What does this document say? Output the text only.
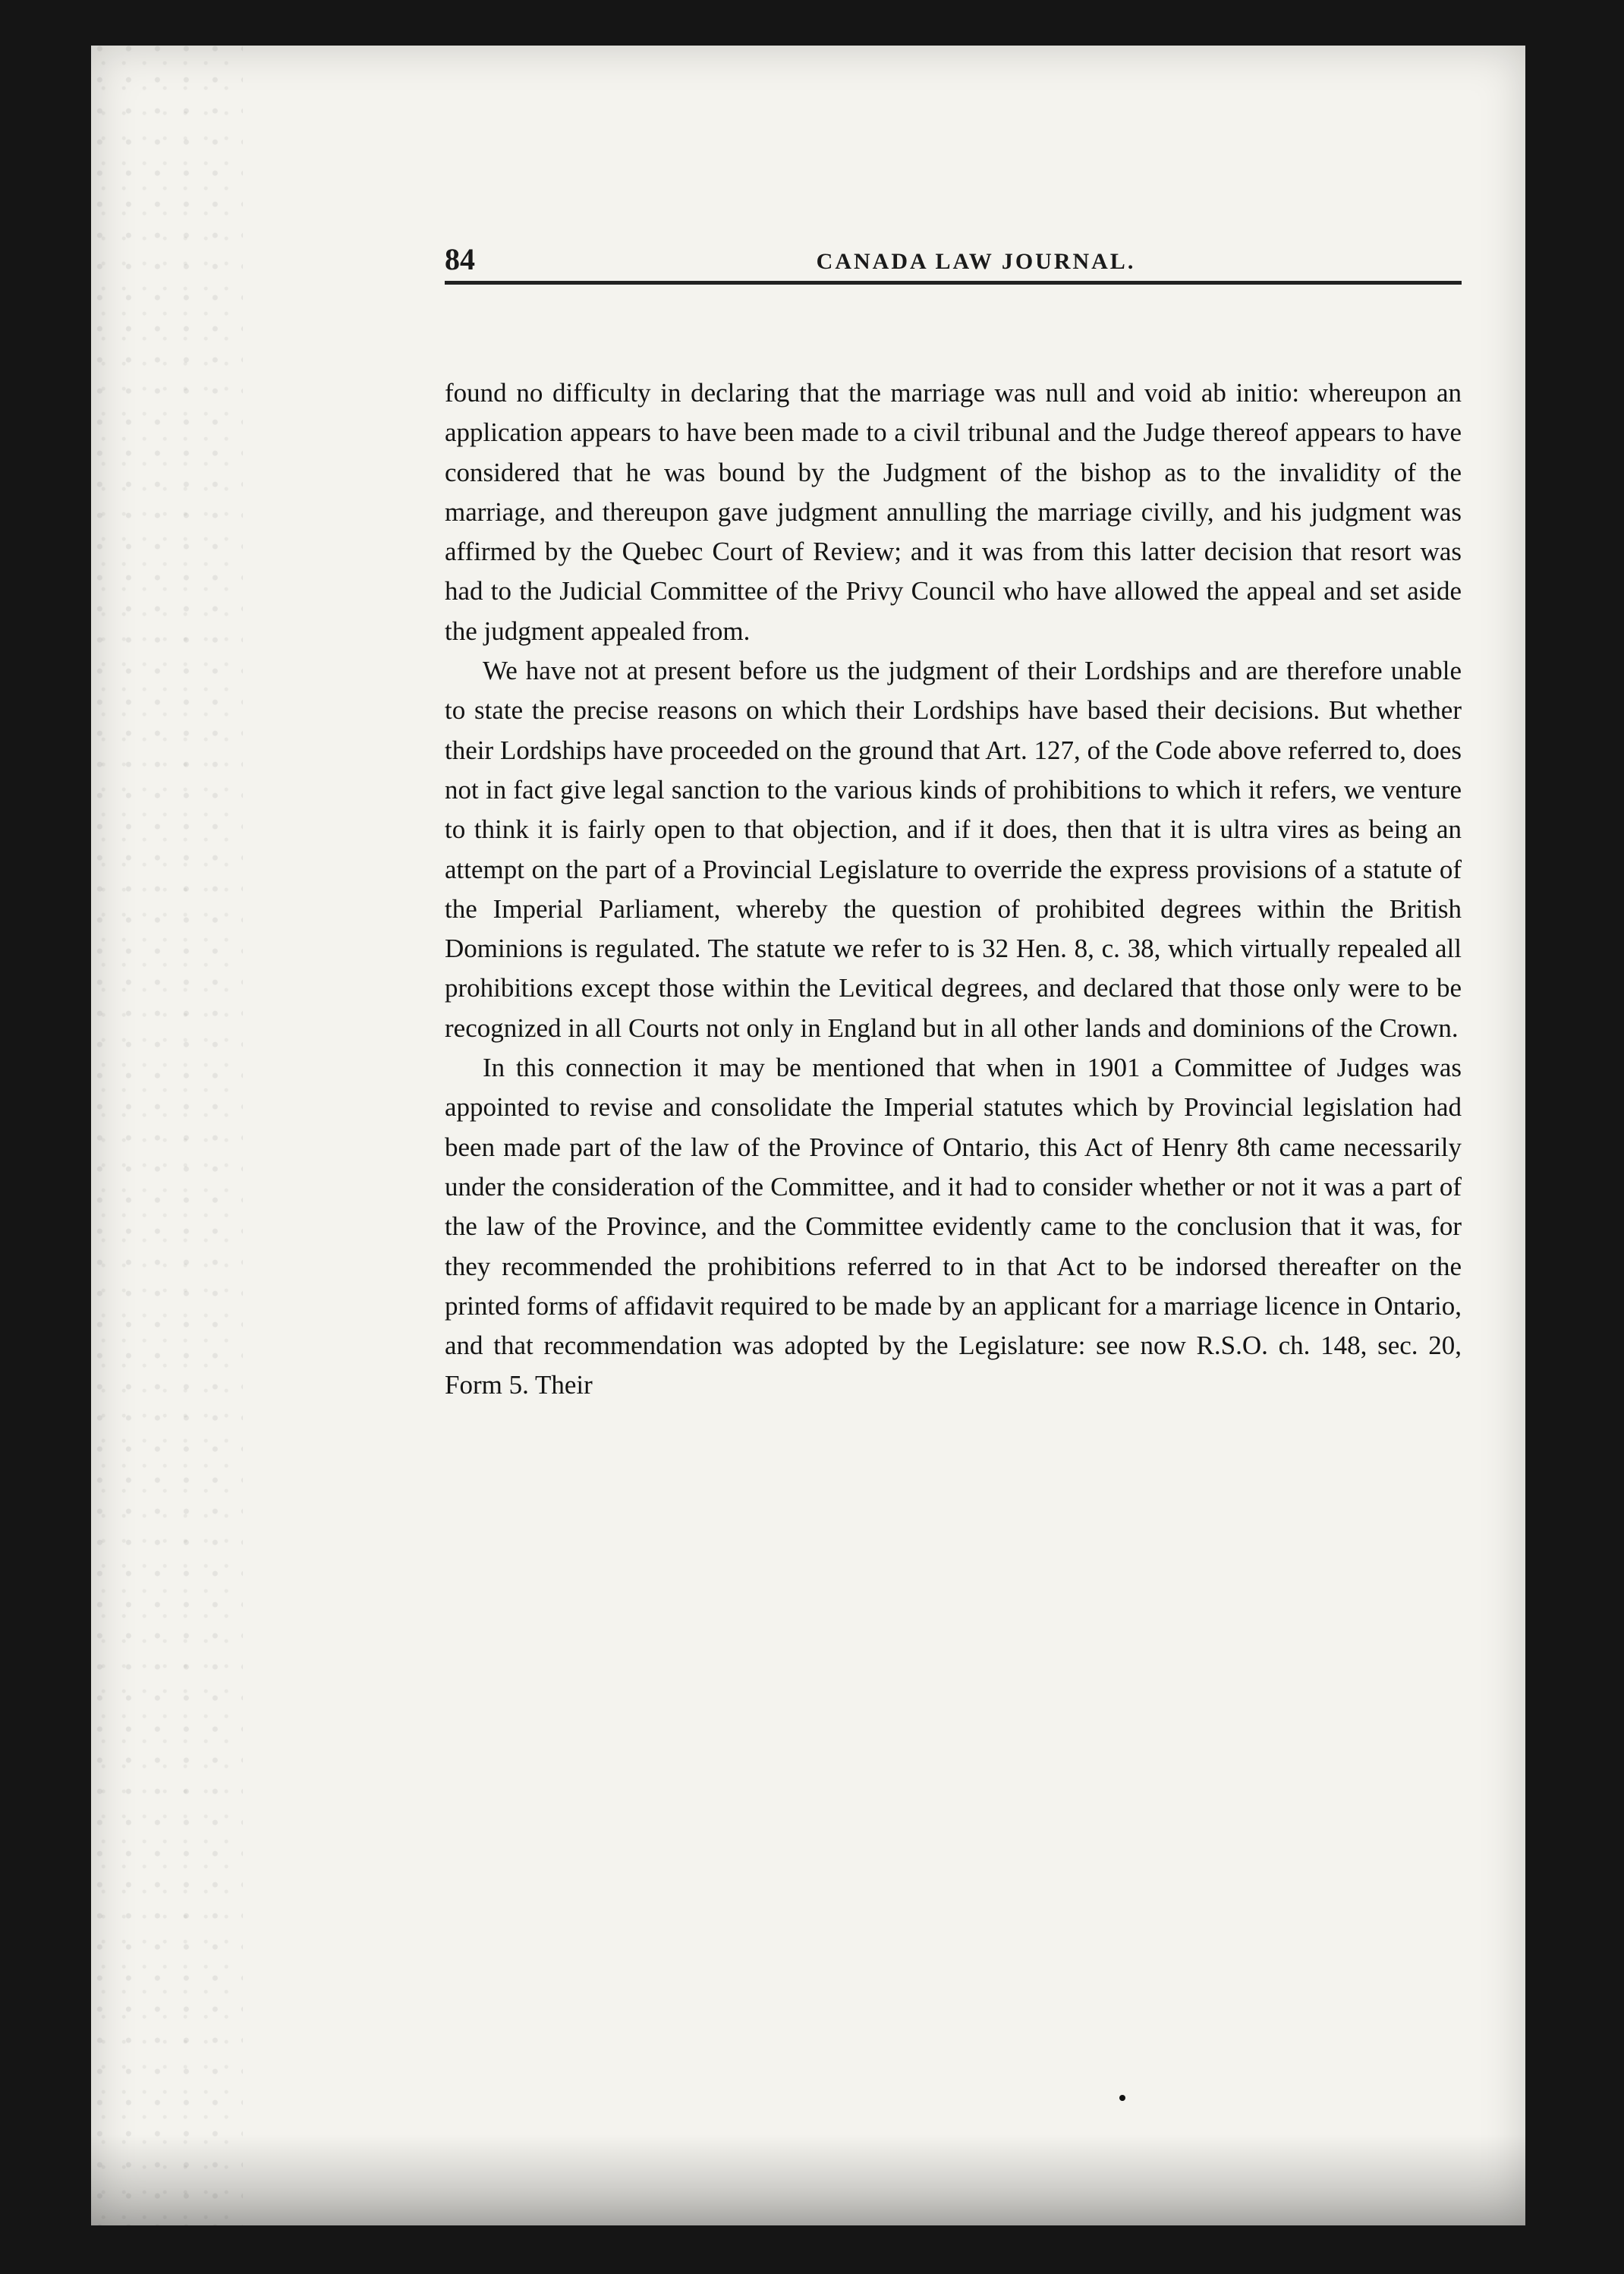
84	CANADA LAW JOURNAL.

found no difficulty in declaring that the marriage was null and void ab initio: whereupon an application appears to have been made to a civil tribunal and the Judge thereof appears to have considered that he was bound by the Judgment of the bishop as to the invalidity of the marriage, and thereupon gave judgment annulling the marriage civilly, and his judgment was affirmed by the Quebec Court of Review; and it was from this latter decision that resort was had to the Judicial Committee of the Privy Council who have allowed the appeal and set aside the judgment appealed from.

We have not at present before us the judgment of their Lordships and are therefore unable to state the precise reasons on which their Lordships have based their decisions. But whether their Lordships have proceeded on the ground that Art. 127, of the Code above referred to, does not in fact give legal sanction to the various kinds of prohibitions to which it refers, we venture to think it is fairly open to that objection, and if it does, then that it is ultra vires as being an attempt on the part of a Provincial Legislature to override the express provisions of a statute of the Imperial Parliament, whereby the question of prohibited degrees within the British Dominions is regulated. The statute we refer to is 32 Hen. 8, c. 38, which virtually repealed all prohibitions except those within the Levitical degrees, and declared that those only were to be recognized in all Courts not only in England but in all other lands and dominions of the Crown.

In this connection it may be mentioned that when in 1901 a Committee of Judges was appointed to revise and consolidate the Imperial statutes which by Provincial legislation had been made part of the law of the Province of Ontario, this Act of Henry 8th came necessarily under the consideration of the Committee, and it had to consider whether or not it was a part of the law of the Province, and the Committee evidently came to the conclusion that it was, for they recommended the prohibitions referred to in that Act to be indorsed thereafter on the printed forms of affidavit required to be made by an applicant for a marriage licence in Ontario, and that recommendation was adopted by the Legislature: see now R.S.O. ch. 148, sec. 20, Form 5. Their
